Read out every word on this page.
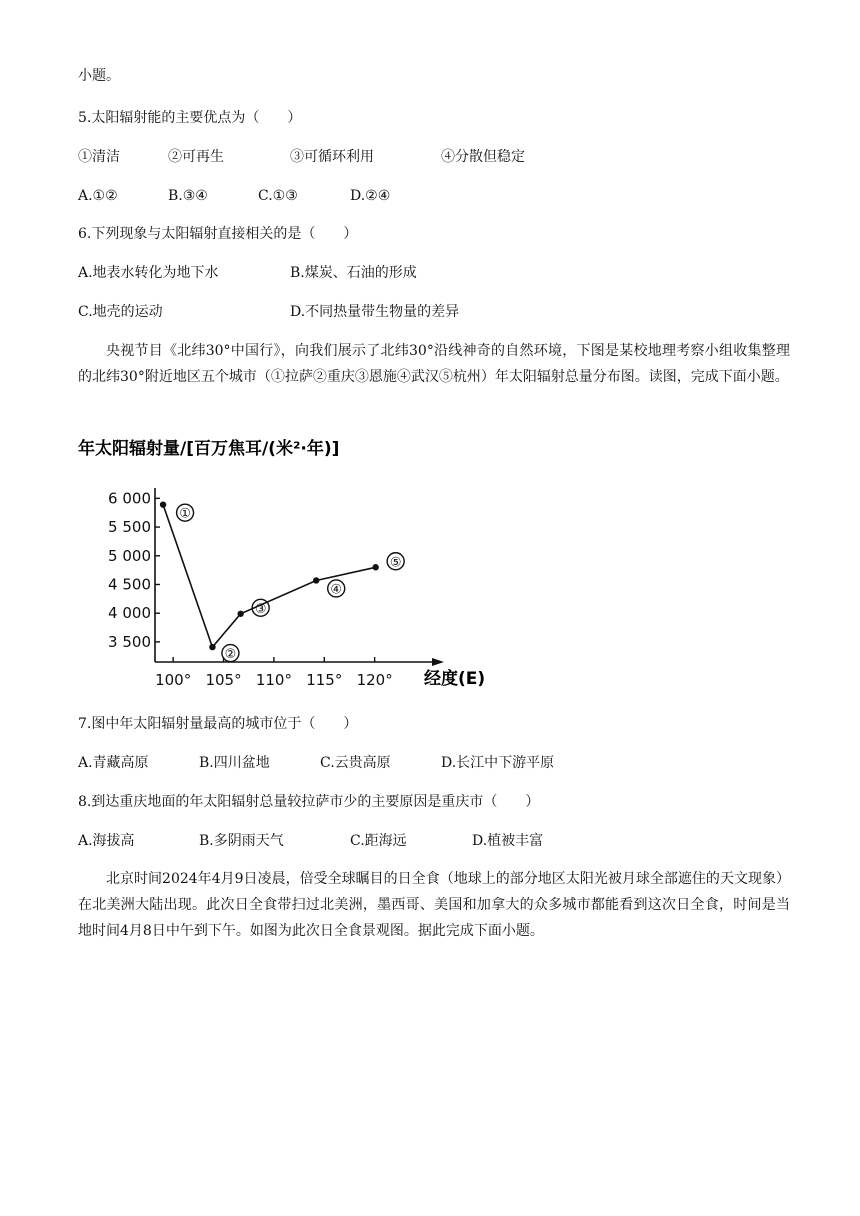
小题。
5.太阳辐射能的主要优点为（　　）
①清洁	②可再生	③可循环利用	④分散但稳定
A.①②	B.③④	C.①③	D.②④
6.下列现象与太阳辐射直接相关的是（　　）
A.地表水转化为地下水	B.煤炭、石油的形成
C.地壳的运动	D.不同热量带生物量的差异
央视节目《北纬30°中国行》，向我们展示了北纬30°沿线神奇的自然环境，下图是某校地理考察小组收集整理的北纬30°附近地区五个城市（①拉萨②重庆③恩施④武汉⑤杭州）年太阳辐射总量分布图。读图，完成下面小题。
年太阳辐射量/[百万焦耳/(米²·年)]
6 000
5 500
5 000
4 500
4 000
3 500
100° 105° 110° 115° 120°
①
②
③
④
⑤
经度(E)
7.图中年太阳辐射量最高的城市位于（　　）
A.青藏高原	B.四川盆地	C.云贵高原	D.长江中下游平原
8.到达重庆地面的年太阳辐射总量较拉萨市少的主要原因是重庆市（　　）
A.海拔高	B.多阴雨天气	C.距海远	D.植被丰富
北京时间2024年4月9日凌晨，倍受全球瞩目的日全食（地球上的部分地区太阳光被月球全部遮住的天文现象）在北美洲大陆出现。此次日全食带扫过北美洲，墨西哥、美国和加拿大的众多城市都能看到这次日全食，时间是当地时间4月8日中午到下午。如图为此次日全食景观图。据此完成下面小题。
